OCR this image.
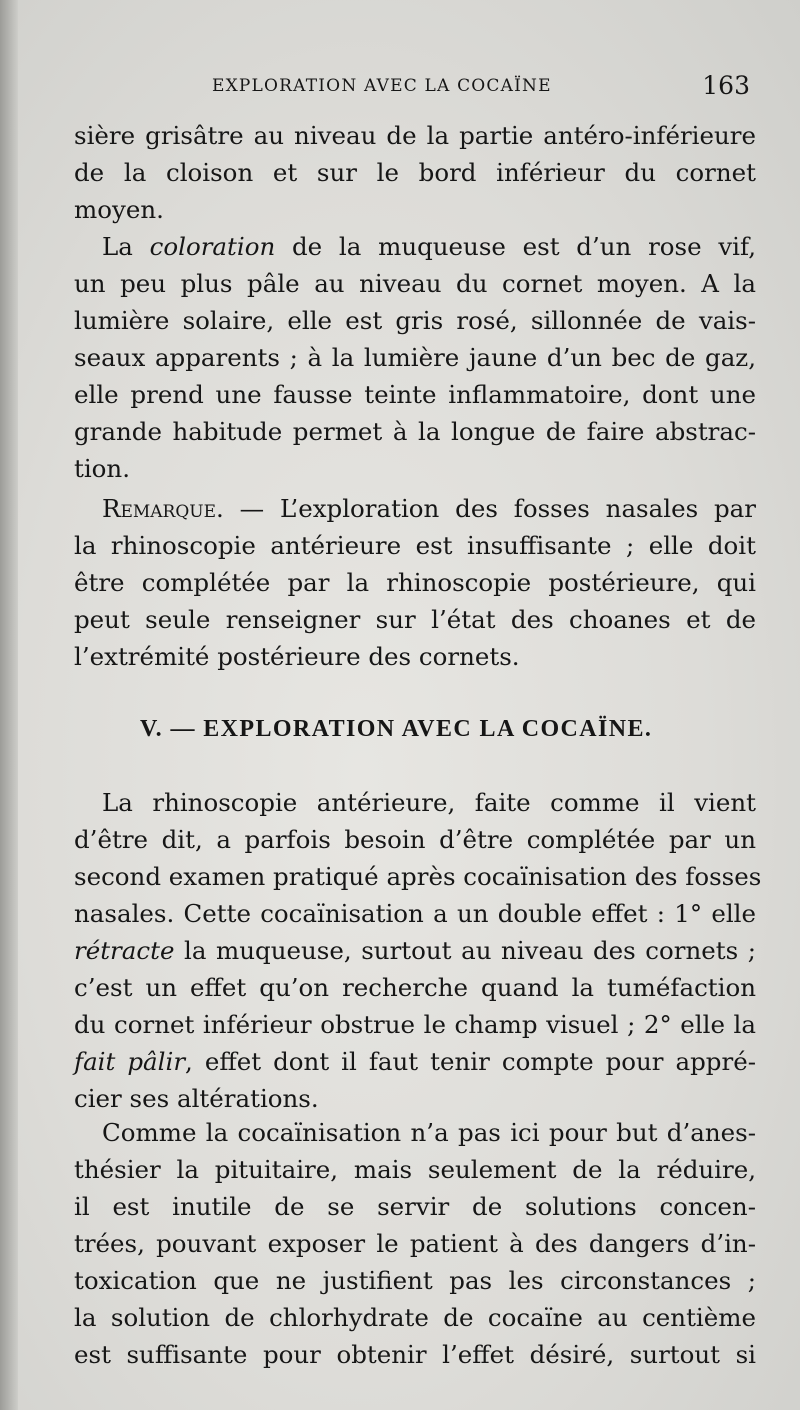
EXPLORATION AVEC LA COCAÏNE	163
sière grisâtre au niveau de la partie antéro-inférieure
de la cloison et sur le bord inférieur du cornet
moyen.
La coloration de la muqueuse est d’un rose vif,
un peu plus pâle au niveau du cornet moyen. A la
lumière solaire, elle est gris rosé, sillonnée de vais-
seaux apparents ; à la lumière jaune d’un bec de gaz,
elle prend une fausse teinte inflammatoire, dont une
grande habitude permet à la longue de faire abstrac-
tion.
Remarque. — L’exploration des fosses nasales par
la rhinoscopie antérieure est insuffisante ; elle doit
être complétée par la rhinoscopie postérieure, qui
peut seule renseigner sur l’état des choanes et de
l’extrémité postérieure des cornets.
V. — EXPLORATION AVEC LA COCAÏNE.
La rhinoscopie antérieure, faite comme il vient
d’être dit, a parfois besoin d’être complétée par un
second examen pratiqué après cocaïnisation des fosses
nasales. Cette cocaïnisation a un double effet : 1° elle
rétracte la muqueuse, surtout au niveau des cornets ;
c’est un effet qu’on recherche quand la tuméfaction
du cornet inférieur obstrue le champ visuel ; 2° elle la
fait pâlir, effet dont il faut tenir compte pour appré-
cier ses altérations.
Comme la cocaïnisation n’a pas ici pour but d’anes-
thésier la pituitaire, mais seulement de la réduire,
il est inutile de se servir de solutions concen-
trées, pouvant exposer le patient à des dangers d’in-
toxication que ne justifient pas les circonstances ;
la solution de chlorhydrate de cocaïne au centième
est suffisante pour obtenir l’effet désiré, surtout si
